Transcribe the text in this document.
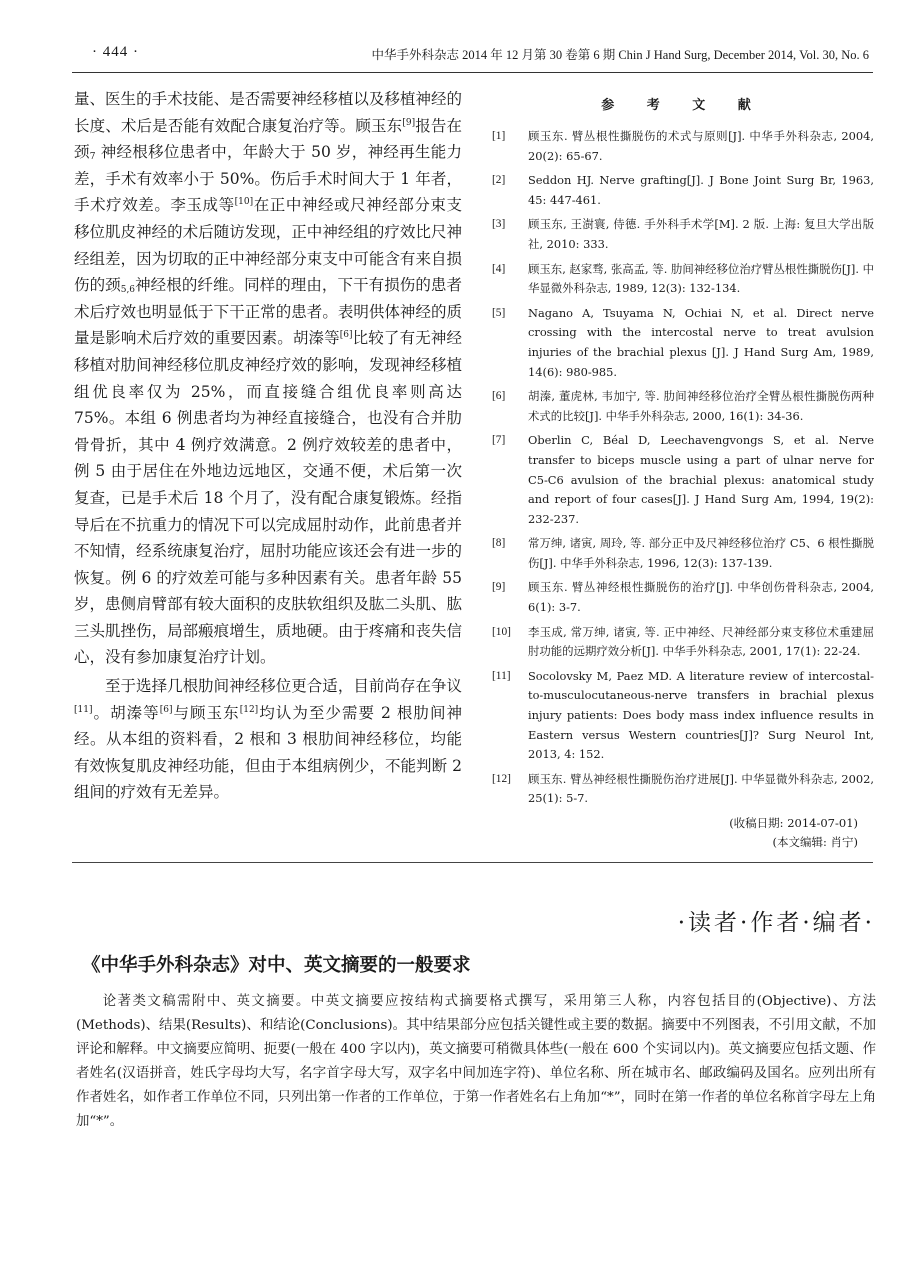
· 444 ·	中华手外科杂志 2014 年 12 月第 30 卷第 6 期 Chin J Hand Surg, December 2014, Vol. 30, No. 6

量、医生的手术技能、是否需要神经移植以及移植神经的长度、术后是否能有效配合康复治疗等。顾玉东[9]报告在颈$_7$ 神经根移位患者中，年龄大于 50 岁，神经再生能力差，手术有效率小于 50%。伤后手术时间大于 1 年者，手术疗效差。李玉成等[10]在正中神经或尺神经部分束支移位肌皮神经的术后随访发现，正中神经组的疗效比尺神经组差，因为切取的正中神经部分束支中可能含有来自损伤的颈$_{5,6}$神经根的纤维。同样的理由，下干有损伤的患者术后疗效也明显低于下干正常的患者。表明供体神经的质量是影响术后疗效的重要因素。胡溱等[6]比较了有无神经移植对肋间神经移位肌皮神经疗效的影响，发现神经移植组优良率仅为 25%，而直接缝合组优良率则高达 75%。本组 6 例患者均为神经直接缝合，也没有合并肋骨骨折，其中 4 例疗效满意。2 例疗效较差的患者中，例 5 由于居住在外地边远地区，交通不便，术后第一次复查，已是手术后 18 个月了，没有配合康复锻炼。经指导后在不抗重力的情况下可以完成屈肘动作，此前患者并不知情，经系统康复治疗，屈肘功能应该还会有进一步的恢复。例 6 的疗效差可能与多种因素有关。患者年龄 55 岁，患侧肩臂部有较大面积的皮肤软组织及肱二头肌、肱三头肌挫伤，局部瘢痕增生，质地硬。由于疼痛和丧失信心，没有参加康复治疗计划。

至于选择几根肋间神经移位更合适，目前尚存在争议[11]。胡溱等[6]与顾玉东[12]均认为至少需要 2 根肋间神经。从本组的资料看，2 根和 3 根肋间神经移位，均能有效恢复肌皮神经功能，但由于本组病例少，不能判断 2 组间的疗效有无差异。

参 考 文 献
[1]	顾玉东. 臂丛根性撕脱伤的术式与原则[J]. 中华手外科杂志, 2004, 20(2): 65-67.
[2]	Seddon HJ. Nerve grafting[J]. J Bone Joint Surg Br, 1963, 45: 447-461.
[3]	顾玉东, 王澍寰, 侍德. 手外科手术学[M]. 2 版. 上海: 复旦大学出版社, 2010: 333.
[4]	顾玉东, 赵家骛, 张高孟, 等. 肋间神经移位治疗臂丛根性撕脱伤[J]. 中华显微外科杂志, 1989, 12(3): 132-134.
[5]	Nagano A, Tsuyama N, Ochiai N, et al. Direct nerve crossing with the intercostal nerve to treat avulsion injuries of the brachial plexus [J]. J Hand Surg Am, 1989, 14(6): 980-985.
[6]	胡溱, 董虎林, 韦加宁, 等. 肋间神经移位治疗全臂丛根性撕脱伤两种术式的比较[J]. 中华手外科杂志, 2000, 16(1): 34-36.
[7]	Oberlin C, Béal D, Leechavengvongs S, et al. Nerve transfer to biceps muscle using a part of ulnar nerve for C5-C6 avulsion of the brachial plexus: anatomical study and report of four cases[J]. J Hand Surg Am, 1994, 19(2): 232-237.
[8]	常万绅, 诸寅, 周玲, 等. 部分正中及尺神经移位治疗 C5、6 根性撕脱伤[J]. 中华手外科杂志, 1996, 12(3): 137-139.
[9]	顾玉东. 臂丛神经根性撕脱伤的治疗[J]. 中华创伤骨科杂志, 2004, 6(1): 3-7.
[10]	李玉成, 常万绅, 诸寅, 等. 正中神经、尺神经部分束支移位术重建屈肘功能的远期疗效分析[J]. 中华手外科杂志, 2001, 17(1): 22-24.
[11]	Socolovsky M, Paez MD. A literature review of intercostal-to-musculocutaneous-nerve transfers in brachial plexus injury patients: Does body mass index influence results in Eastern versus Western countries[J]? Surg Neurol Int, 2013, 4: 152.
[12]	顾玉东. 臂丛神经根性撕脱伤治疗进展[J]. 中华显微外科杂志, 2002, 25(1): 5-7.
(收稿日期: 2014-07-01)
(本文编辑: 肖宁)
·读者·作者·编者·
《中华手外科杂志》对中、英文摘要的一般要求

论著类文稿需附中、英文摘要。中英文摘要应按结构式摘要格式撰写，采用第三人称，内容包括目的(Objective)、方法(Methods)、结果(Results)、和结论(Conclusions)。其中结果部分应包括关键性或主要的数据。摘要中不列图表，不引用文献，不加评论和解释。中文摘要应简明、扼要(一般在 400 字以内)，英文摘要可稍微具体些(一般在 600 个实词以内)。英文摘要应包括文题、作者姓名(汉语拼音，姓氏字母均大写，名字首字母大写，双字名中间加连字符)、单位名称、所在城市名、邮政编码及国名。应列出所有作者姓名，如作者工作单位不同，只列出第一作者的工作单位，于第一作者姓名右上角加“*”，同时在第一作者的单位名称首字母左上角加“*”。
